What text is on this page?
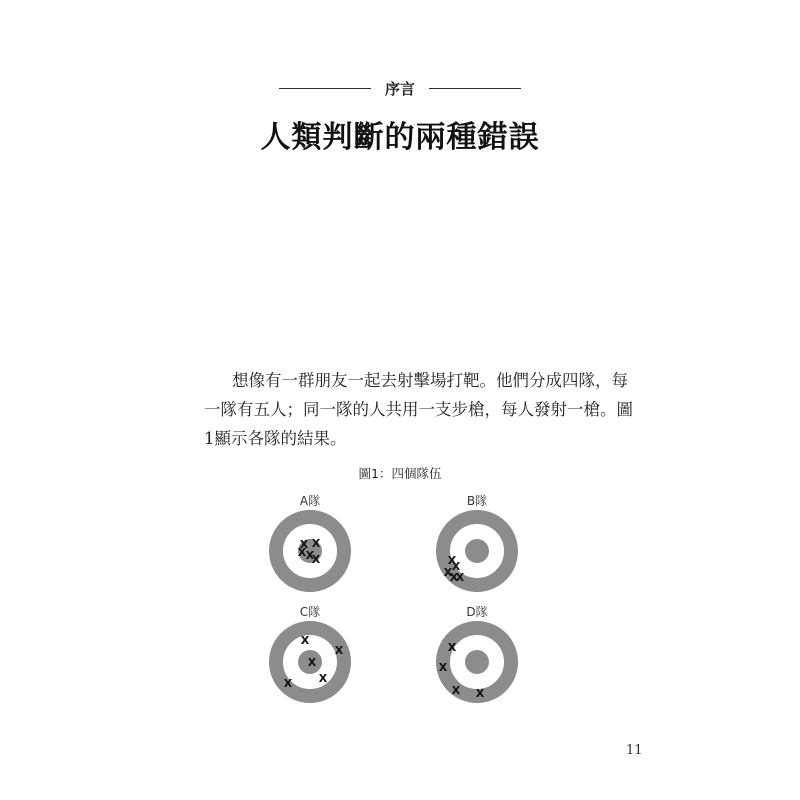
序言
人類判斷的兩種錯誤

想像有一群朋友一起去射擊場打靶。他們分成四隊，每
一隊有五人；同一隊的人共用一支步槍，每人發射一槍。圖
1顯示各隊的結果。

圖1：四個隊伍
X X
X X
X	X
X
X
X
X
X
X
X
X
X
X
X
X X
A隊	B隊
C隊	D隊
11
